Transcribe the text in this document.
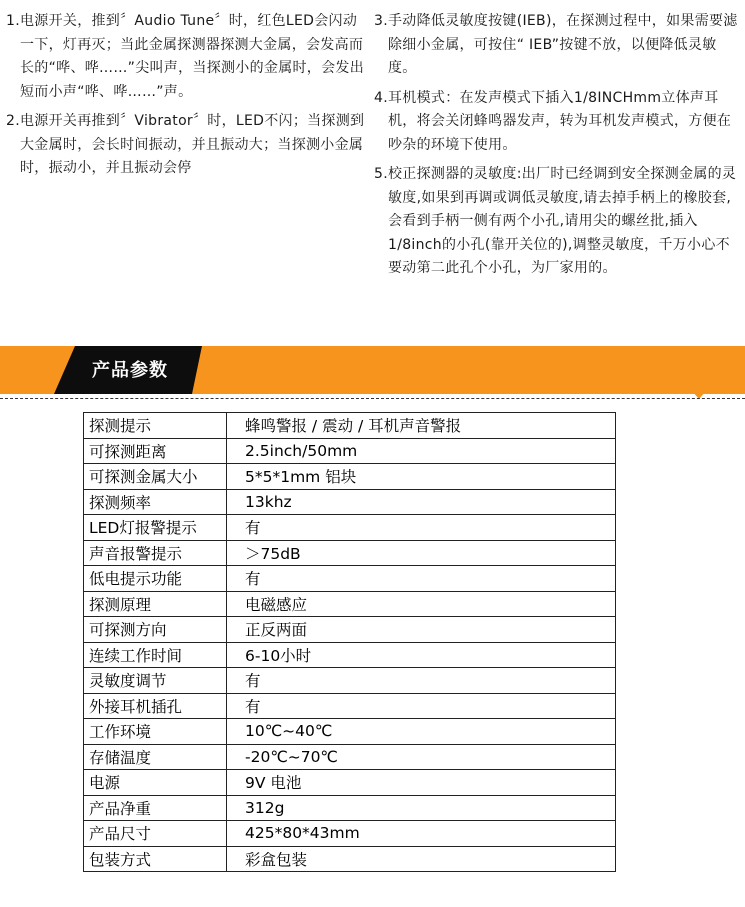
1. 电源开关，推到〞Audio Tune〞时，红色LED会闪动一下，灯再灭；当此金属探测器探测大金属，会发高而长的“哗、哗……”尖叫声，当探测小的金属时，会发出短而小声“哗、哗……”声。
2. 电源开关再推到〞Vibrator〞时，LED不闪；当探测到大金属时，会长时间振动，并且振动大；当探测小金属时，振动小，并且振动会停
3. 手动降低灵敏度按键(IEB)，在探测过程中，如果需要滤除细小金属，可按住“ IEB”按键不放，以便降低灵敏度。
4. 耳机模式：在发声模式下插入1/8INCHmm立体声耳机，将会关闭蜂鸣器发声，转为耳机发声模式，方便在吵杂的环境下使用。
5. 校正探测器的灵敏度:出厂时已经调到安全探测金属的灵敏度,如果到再调或调低灵敏度,请去掉手柄上的橡胶套,会看到手柄一侧有两个小孔,请用尖的螺丝批,插入1/8inch的小孔(靠开关位的),调整灵敏度，千万小心不要动第二此孔个小孔，为厂家用的。
产品参数
探测提示	蜂鸣警报 / 震动 / 耳机声音警报
可探测距离	2.5inch/50mm
可探测金属大小	5*5*1mm 铝块
探测频率	13khz
LED灯报警提示	有
声音报警提示	＞75dB
低电提示功能	有
探测原理	电磁感应
可探测方向	正反两面
连续工作时间	6-10小时
灵敏度调节	有
外接耳机插孔	有
工作环境	10℃~40℃
存储温度	-20℃~70℃
电源	9V 电池
产品净重	312g
产品尺寸	425*80*43mm
包装方式	彩盒包装
